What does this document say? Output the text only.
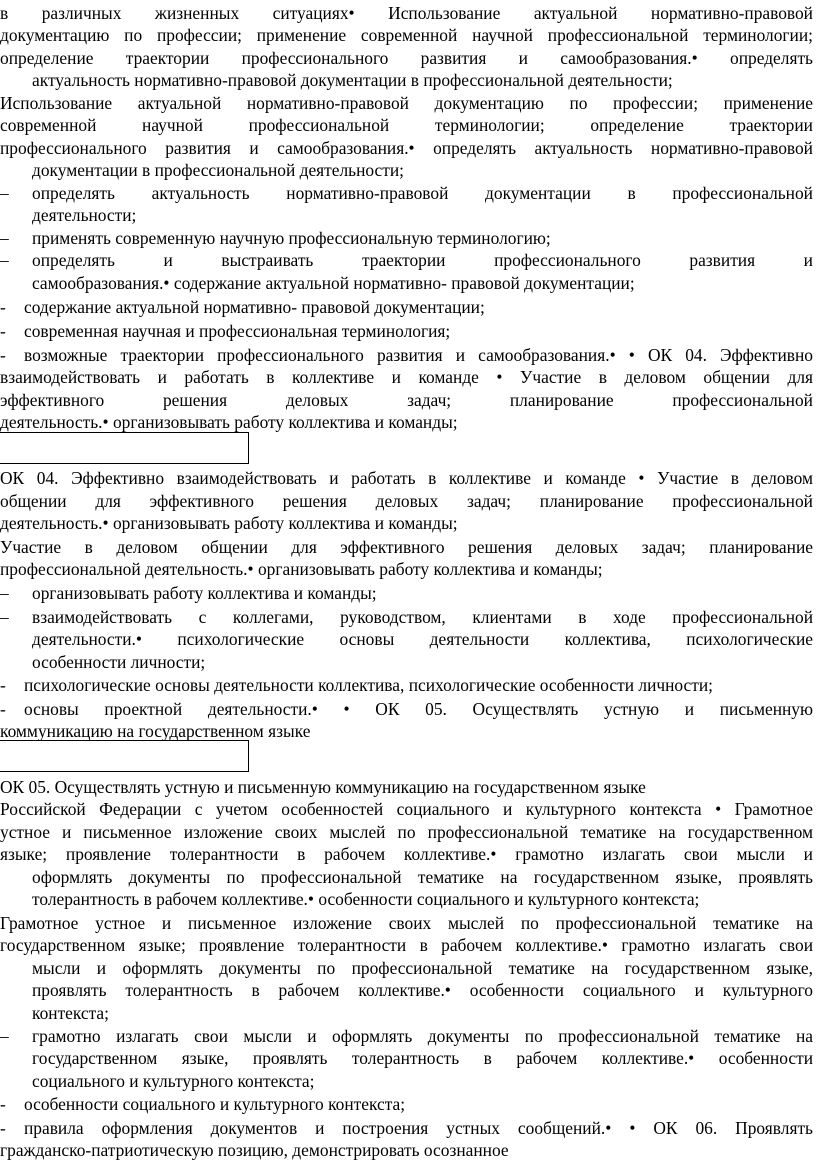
в различных жизненных ситуациях• Использование актуальной нормативно-правовой
документацию по профессии; применение современной научной профессиональной терминологии;
определение траектории профессионального развития и самообразования.• определять
актуальность нормативно-правовой документации в профессиональной деятельности;
Использование актуальной нормативно-правовой документацию по профессии; применение
современной научной профессиональной терминологии; определение траектории
профессионального развития и самообразования.• определять актуальность нормативно-правовой
документации в профессиональной деятельности;
– определять актуальность нормативно-правовой документации в профессиональной
деятельности;
– применять современную научную профессиональную терминологию;
– определять и выстраивать траектории профессионального развития и
самообразования.• содержание актуальной нормативно- правовой документации;
- содержание актуальной нормативно- правовой документации;
- современная научная и профессиональная терминология;
- возможные траектории профессионального развития и самообразования.• • ОК 04. Эффективно
взаимодействовать и работать в коллективе и команде • Участие в деловом общении для
эффективного решения деловых задач; планирование профессиональной
деятельность.• организовывать работу коллектива и команды;
ОК 04. Эффективно взаимодействовать и работать в коллективе и команде • Участие в деловом
общении для эффективного решения деловых задач; планирование профессиональной
деятельность.• организовывать работу коллектива и команды;
Участие в деловом общении для эффективного решения деловых задач; планирование
профессиональной деятельность.• организовывать работу коллектива и команды;
– организовывать работу коллектива и команды;
– взаимодействовать с коллегами, руководством, клиентами в ходе профессиональной
деятельности.• психологические основы деятельности коллектива, психологические
особенности личности;
- психологические основы деятельности коллектива, психологические особенности личности;
- основы проектной деятельности.• • ОК 05. Осуществлять устную и письменную
коммуникацию на государственном языке
ОК 05. Осуществлять устную и письменную коммуникацию на государственном языке
Российской Федерации с учетом особенностей социального и культурного контекста • Грамотное
устное и письменное изложение своих мыслей по профессиональной тематике на государственном
языке; проявление толерантности в рабочем коллективе.• грамотно излагать свои мысли и
оформлять документы по профессиональной тематике на государственном языке, проявлять
толерантность в рабочем коллективе.• особенности социального и культурного контекста;
Грамотное устное и письменное изложение своих мыслей по профессиональной тематике на
государственном языке; проявление толерантности в рабочем коллективе.• грамотно излагать свои
мысли и оформлять документы по профессиональной тематике на государственном языке,
проявлять толерантность в рабочем коллективе.• особенности социального и культурного
контекста;
– грамотно излагать свои мысли и оформлять документы по профессиональной тематике на
государственном языке, проявлять толерантность в рабочем коллективе.• особенности
социального и культурного контекста;
- особенности социального и культурного контекста;
- правила оформления документов и построения устных сообщений.• • ОК 06. Проявлять
гражданско-патриотическую позицию, демонстрировать осознанное
